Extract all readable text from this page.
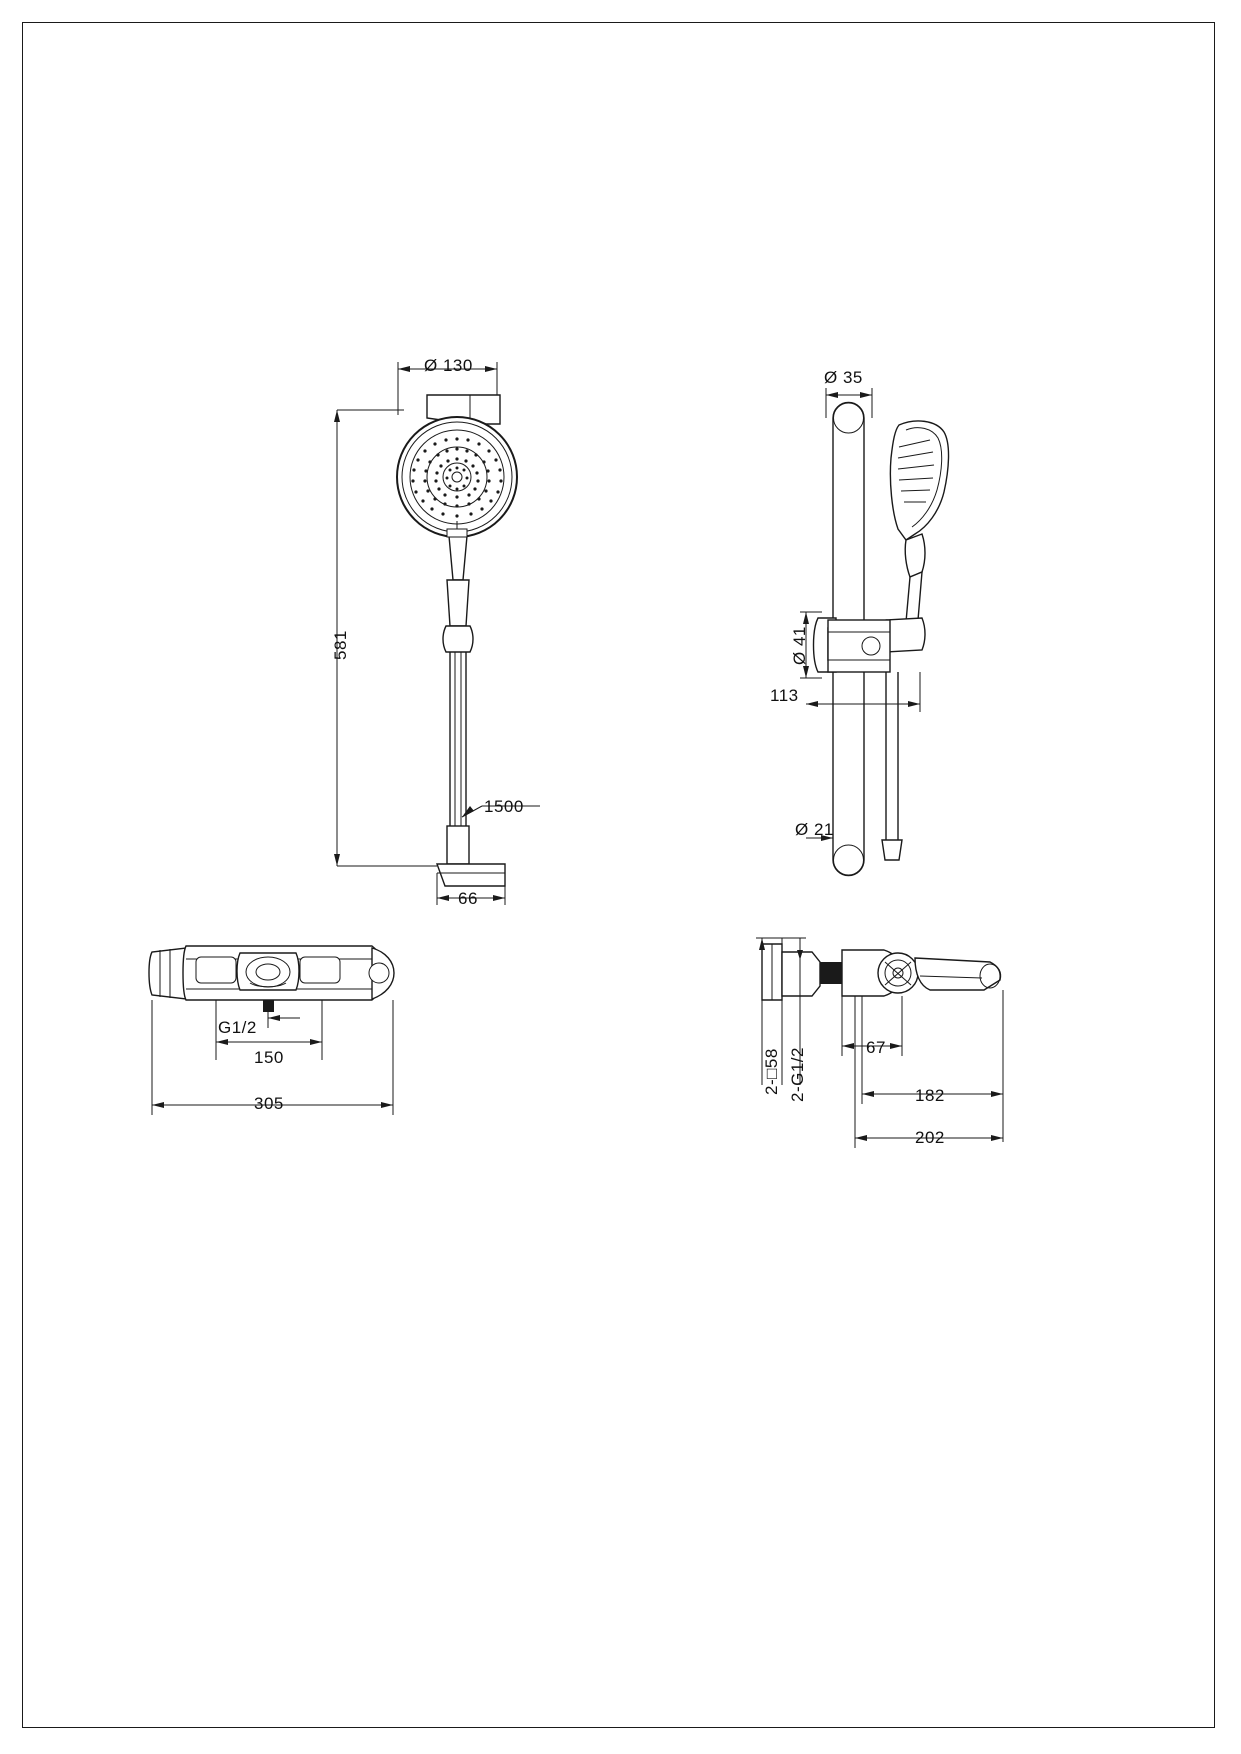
Ø 130
581
1500
66
Ø 35
Ø 41
113
Ø 21
G1/2
150
305
2-□58 2-G1/2	67
182
202
